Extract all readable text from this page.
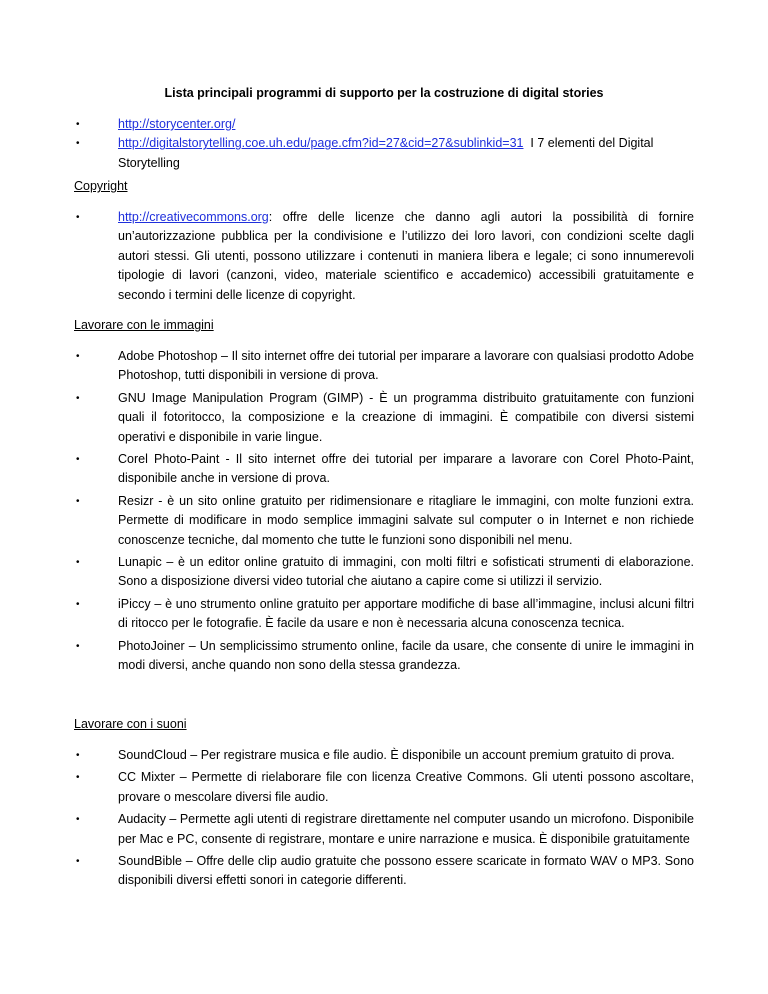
Lista principali programmi di supporto per la costruzione di digital stories
•	http://storycenter.org/
•	http://digitalstorytelling.coe.uh.edu/page.cfm?id=27&cid=27&sublinkid=31  I 7 elementi del Digital Storytelling
Copyright
•	http://creativecommons.org: offre delle licenze che danno agli autori la possibilità di fornire un’autorizzazione pubblica per la condivisione e l’utilizzo dei loro lavori, con condizioni scelte dagli autori stessi. Gli utenti, possono utilizzare i contenuti in maniera libera e legale; ci sono innumerevoli tipologie di lavori (canzoni, video, materiale scientifico e accademico) accessibili gratuitamente e secondo i termini delle licenze di copyright.
Lavorare con le immagini
•	Adobe Photoshop – Il sito internet offre dei tutorial per imparare a lavorare con qualsiasi prodotto Adobe Photoshop, tutti disponibili in versione di prova.
•	GNU Image Manipulation Program (GIMP) - È un programma distribuito gratuitamente con funzioni quali il fotoritocco, la composizione e la creazione di immagini. È compatibile con diversi sistemi operativi e disponibile in varie lingue.
•	Corel Photo-Paint - Il sito internet offre dei tutorial per imparare a lavorare con Corel Photo-Paint, disponibile anche in versione di prova.
•	Resizr - è un sito online gratuito per ridimensionare e ritagliare le immagini, con molte funzioni extra. Permette di modificare in modo semplice immagini salvate sul computer o in Internet e non richiede conoscenze tecniche, dal momento che tutte le funzioni sono disponibili nel menu.
•	Lunapic – è un editor online gratuito di immagini, con molti filtri e sofisticati strumenti di elaborazione. Sono a disposizione diversi video tutorial che aiutano a capire come si utilizzi il servizio.
•	iPiccy – è uno strumento online gratuito per apportare modifiche di base all’immagine, inclusi alcuni filtri di ritocco per le fotografie. È facile da usare e non è necessaria alcuna conoscenza tecnica.
•	PhotoJoiner – Un semplicissimo strumento online, facile da usare, che consente di unire le immagini in modi diversi, anche quando non sono della stessa grandezza.
Lavorare con i suoni
•	SoundCloud – Per registrare musica e file audio. È disponibile un account premium gratuito di prova.
•	CC Mixter – Permette di rielaborare file con licenza Creative Commons. Gli utenti possono ascoltare, provare o mescolare diversi file audio.
•	Audacity – Permette agli utenti di registrare direttamente nel computer usando un microfono. Disponibile per Mac e PC, consente di registrare, montare e unire narrazione e musica. È disponibile gratuitamente
•	SoundBible – Offre delle clip audio gratuite che possono essere scaricate in formato WAV o MP3. Sono disponibili diversi effetti sonori in categorie differenti.
